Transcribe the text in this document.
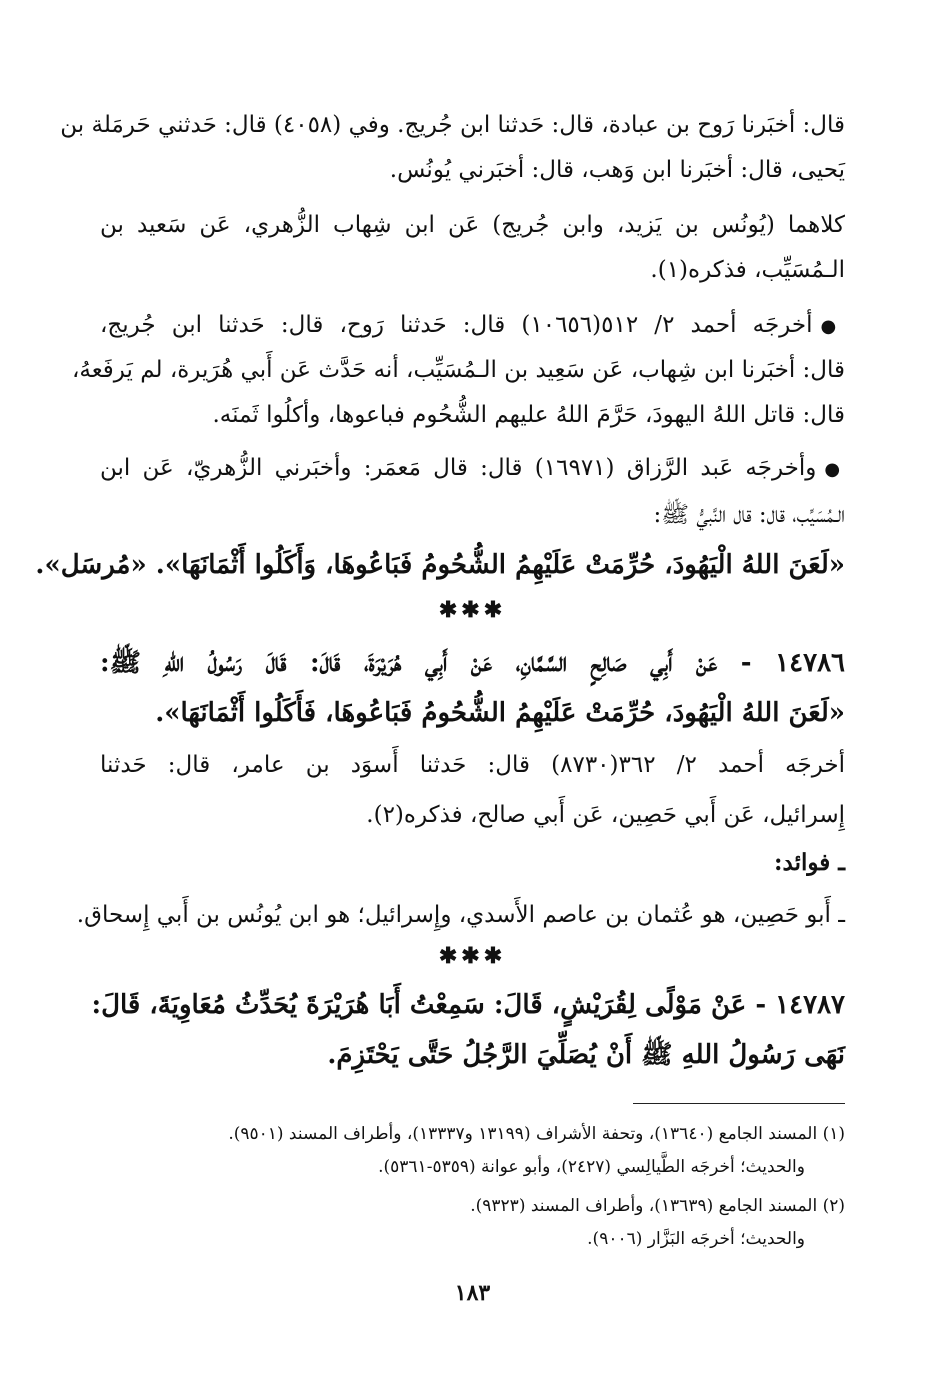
قال: أخبَرنا رَوح بن عبادة، قال: حَدثنا ابن جُريج. وفي (٤٠٥٨) قال: حَدثني حَرمَلة بن
يَحيى، قال: أخبَرنا ابن وَهب، قال: أخبَرني يُونُس.
كلاهما (يُونُس بن يَزيد، وابن جُريج) عَن ابن شِهاب الزُّهري، عَن سَعيد بن
الـمُسَيِّب، فذكره(١).
●أخرجَه أحمد ٢/ ٥١٢(١٠٦٥٦) قال: حَدثنا رَوح، قال: حَدثنا ابن جُريج،
قال: أخبَرنا ابن شِهاب، عَن سَعِيد بن الـمُسَيِّب، أنه حَدَّث عَن أَبي هُرَيرة، لم يَرفَعهُ،
قال: قاتل اللهُ اليهودَ، حَرَّمَ اللهُ عليهم الشُّحُوم فباعوها، وأكلُوا ثَمنَه.
●وأخرجَه عَبد الرَّزاق (١٦٩٧١) قال: قال مَعمَر: وأخبَرني الزُّهريّ، عَن ابن
الـمُسَيِّب، قال: قال النَّبيُّ ﷺ:
«لَعَنَ اللهُ الْيَهُودَ، حُرِّمَتْ عَلَيْهِمُ الشُّحُومُ فَبَاعُوهَا، وَأَكَلُوا أَثْمَانَهَا». «مُرسَل».
✱✱✱
١٤٧٨٦ - عَنْ أَبِي صَالِحٍ السَّمَّانِ، عَنْ أَبِي هُرَيْرَةَ، قَالَ: قَالَ رَسُولُ اللهِ ﷺ:
«لَعَنَ اللهُ الْيَهُودَ، حُرِّمَتْ عَلَيْهِمُ الشُّحُومُ فَبَاعُوهَا، فَأَكَلُوا أَثْمَانَهَا».
أخرجَه أحمد ٢/ ٣٦٢(٨٧٣٠) قال: حَدثنا أَسوَد بن عامر، قال: حَدثنا
إِسرائيل، عَن أَبي حَصِين، عَن أَبي صالح، فذكره(٢).
ـ فوائد:
ـ أَبو حَصِين، هو عُثمان بن عاصم الأَسدي، وإِسرائيل؛ هو ابن يُونُس بن أَبي إِسحاق.
✱✱✱
١٤٧٨٧ - عَنْ مَوْلًى لِقُرَيْشٍ، قَالَ: سَمِعْتُ أَبَا هُرَيْرَةَ يُحَدِّثُ مُعَاوِيَةَ، قَالَ:
نَهَى رَسُولُ اللهِ ﷺ أَنْ يُصَلِّيَ الرَّجُلُ حَتَّى يَحْتَزِمَ.
(١) المسند الجامع (١٣٦٤٠)، وتحفة الأشراف (١٣١٩٩ و١٣٣٣٧)، وأطراف المسند (٩٥٠١).
والحديث؛ أخرجَه الطَّيالِسي (٢٤٢٧)، وأبو عوانة (٥٣٥٩-٥٣٦١).
(٢) المسند الجامع (١٣٦٣٩)، وأطراف المسند (٩٣٢٣).
والحديث؛ أخرجَه البَزَّار (٩٠٠٦).
١٨٣
